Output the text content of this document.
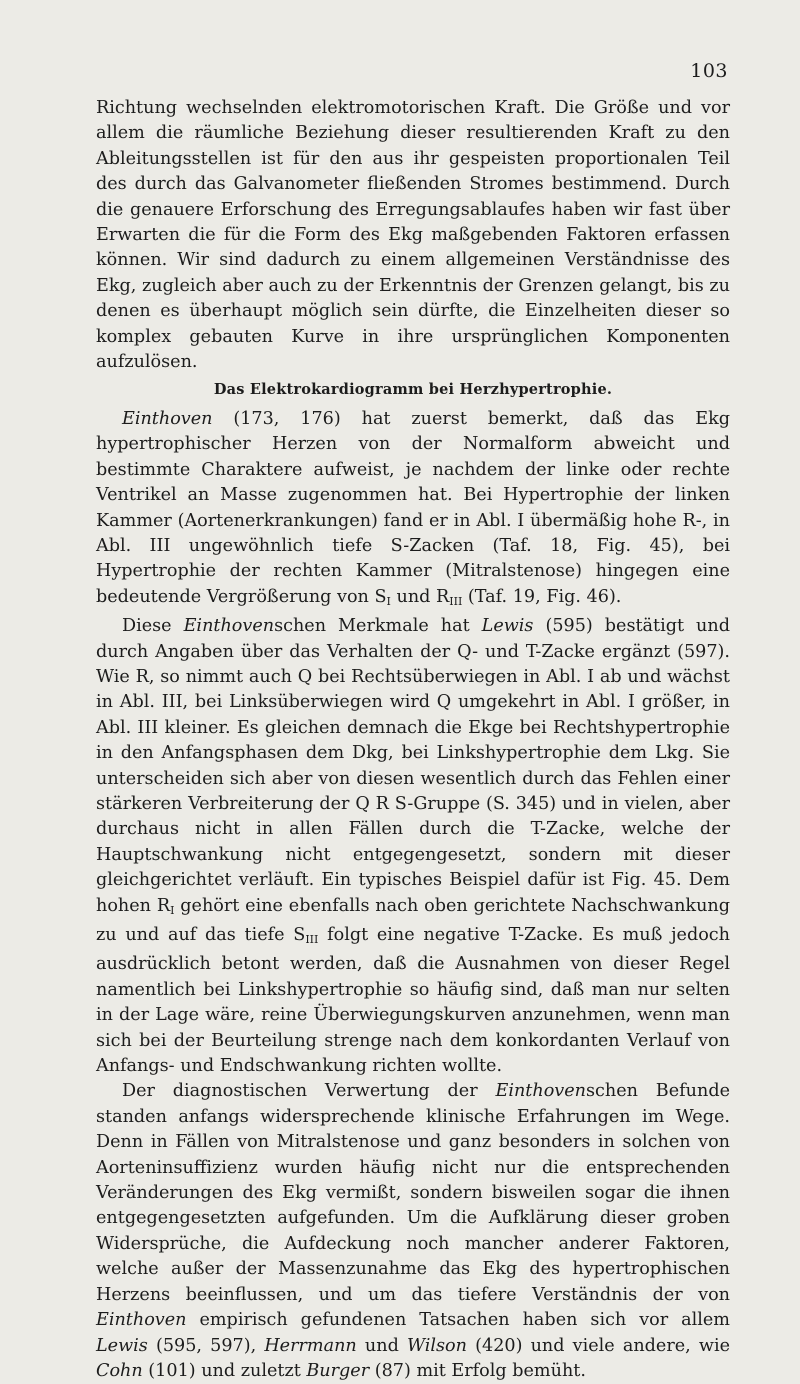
103

Richtung wechselnden elektromotorischen Kraft. Die Größe und vor allem die räumliche Beziehung dieser resultierenden Kraft zu den Ableitungsstellen ist für den aus ihr gespeisten proportionalen Teil des durch das Galvanometer fließenden Stromes bestimmend. Durch die genauere Erforschung des Erregungsablaufes haben wir fast über Erwarten die für die Form des Ekg maßgebenden Faktoren erfassen können. Wir sind dadurch zu einem allgemeinen Verständnisse des Ekg, zugleich aber auch zu der Erkenntnis der Grenzen gelangt, bis zu denen es überhaupt möglich sein dürfte, die Einzelheiten dieser so komplex gebauten Kurve in ihre ursprünglichen Komponenten aufzulösen.

Das Elektrokardiogramm bei Herzhypertrophie.

Einthoven (173, 176) hat zuerst bemerkt, daß das Ekg hypertrophischer Herzen von der Normalform abweicht und bestimmte Charaktere aufweist, je nachdem der linke oder rechte Ventrikel an Masse zugenommen hat. Bei Hypertrophie der linken Kammer (Aortenerkrankungen) fand er in Abl. I übermäßig hohe R-, in Abl. III ungewöhnlich tiefe S-Zacken (Taf. 18, Fig. 45), bei Hypertrophie der rechten Kammer (Mitralstenose) hingegen eine bedeutende Vergrößerung von $S_I$ und $R_{III}$ (Taf. 19, Fig. 46).

Diese Einthovenschen Merkmale hat Lewis (595) bestätigt und durch Angaben über das Verhalten der Q- und T-Zacke ergänzt (597). Wie R, so nimmt auch Q bei Rechtsüberwiegen in Abl. I ab und wächst in Abl. III, bei Linksüberwiegen wird Q umgekehrt in Abl. I größer, in Abl. III kleiner. Es gleichen demnach die Ekge bei Rechtshypertrophie in den Anfangsphasen dem Dkg, bei Linkshypertrophie dem Lkg. Sie unterscheiden sich aber von diesen wesentlich durch das Fehlen einer stärkeren Verbreiterung der Q R S-Gruppe (S. 345) und in vielen, aber durchaus nicht in allen Fällen durch die T-Zacke, welche der Hauptschwankung nicht entgegengesetzt, sondern mit dieser gleichgerichtet verläuft. Ein typisches Beispiel dafür ist Fig. 45. Dem hohen $R_I$ gehört eine ebenfalls nach oben gerichtete Nachschwankung zu und auf das tiefe $S_{III}$ folgt eine negative T-Zacke. Es muß jedoch ausdrücklich betont werden, daß die Ausnahmen von dieser Regel namentlich bei Linkshypertrophie so häufig sind, daß man nur selten in der Lage wäre, reine Überwiegungskurven anzunehmen, wenn man sich bei der Beurteilung strenge nach dem konkordanten Verlauf von Anfangs- und Endschwankung richten wollte.

Der diagnostischen Verwertung der Einthovenschen Befunde standen anfangs widersprechende klinische Erfahrungen im Wege. Denn in Fällen von Mitralstenose und ganz besonders in solchen von Aorteninsuffizienz wurden häufig nicht nur die entsprechenden Veränderungen des Ekg vermißt, sondern bisweilen sogar die ihnen entgegengesetzten aufgefunden. Um die Aufklärung dieser groben Widersprüche, die Aufdeckung noch mancher anderer Faktoren, welche außer der Massenzunahme das Ekg des hypertrophischen Herzens beeinflussen, und um das tiefere Verständnis der von Einthoven empirisch gefundenen Tatsachen haben sich vor allem Lewis (595, 597), Herrmann und Wilson (420) und viele andere, wie Cohn (101) und zuletzt Burger (87) mit Erfolg bemüht.
